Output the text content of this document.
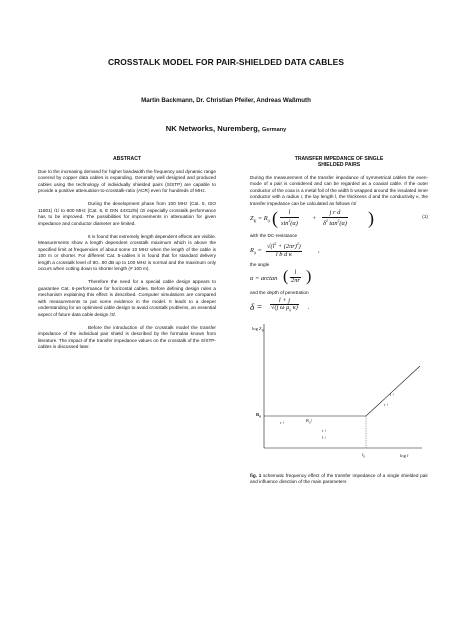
CROSSTALK MODEL FOR PAIR-SHIELDED DATA CABLES
Martin Backmann, Dr. Christian Pfeiler, Andreas Waßmuth
NK Networks, Nuremberg, Germany
ABSTRACT

Due to the increasing demand for higher bandwidth the frequency and dynamic range covered by copper data cables is expanding. Generally well designed and produced cables using the technology of individually shielded pairs (S/STP) are capable to provide a positive attenuation-to-crosstalk-ratio (ACR) even for hundreds of MHz.

During the development phase from 100 MHz (Cat. 5, ISO 11801) /1/ to 600 MHz (Cat. 6, E DIN 44312/5) /2/ especially crosstalk performance has to be improved. The possibilities for improvements in attenuation for given impedance and conductor diameter are limited.

It is found that extremely length dependent effects are visible. Measurements show a length dependent crosstalk maximum which is above the specified limit at frequencies of about some 10 MHz when the length of the cable is 100 m or shorter. For different Cat. 5-cables it is found that for standard delivery length a crosstalk level of 80...90 dB up to 100 MHz is normal and the maximum only occurs when cutting down to shorter length (# 100 m).

Therefore the need for a special cable design appears to guarantee Cat. 6-performance for horizontal cables. Before defining design rules a mechanism explaining this effect is described. Computer simulations are compared with measurements to put some evidence in the model. It leads to a deeper understanding for an optimised cable design to avoid crosstalk problems, an essential aspect of future data cable design /3/.

Before the introduction of the crosstalk model the transfer impedance of the individual pair shield is described by the formulas known from literature. The impact of the transfer impedance values on the crosstalk of the S/STP-cables is discussed later.

TRANSFER IMPEDANCE OF SINGLE
SHIELDED PAIRS

During the measurement of the transfer impedance of symmetrical cables the even-mode of a pair is considered and can be regarded as a coaxial cable. If the outer conductor of the coax is a metal foil of the width b wrapped around the insulated inner conductor with a radius r, the lay length l, the thickness d and the conductivity κ, the transfer impedance can be calculated as follows /4/

$Z_K = R_0$ ( $\frac{l}{\sin^2(\alpha)} + \frac{\text{j r d}}{\delta^2 \tan^2(\alpha)}$ )	(1)

with the DC-resistance

$R_0 = \frac{√(l^2 + (2\pi r)^2)}{\text{l b d κ}}$	,

the angle

α = arctan ( $\frac{l}{2\pi r}$ )

and the depth of penetration

$\delta = \frac{l + j}{√(j \omega \mu_0 \kappa)}$ .
$\log Z_K$
log f
$f_0$
$R_0$
r ↑	$R_0↑$
r ↑
l ↑
r ↑
l ↑

fig. 1 schematic frequency effect of the transfer impedance of a single shielded pair and influence direction of the main parameters
